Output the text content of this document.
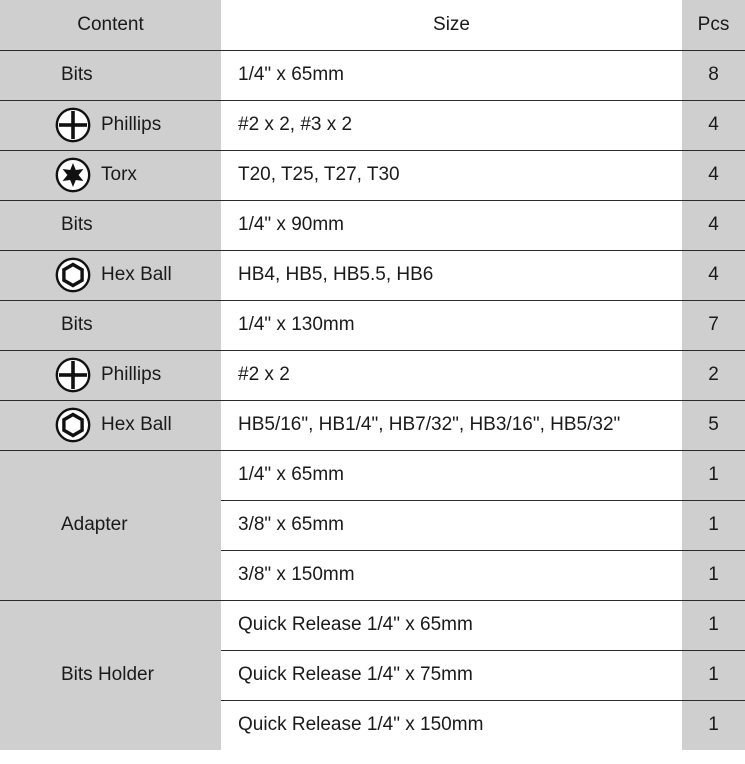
Content	Size	Pcs

Bits	1/4" x 65mm	8

Phillips	#2 x 2, #3 x 2	4

Torx	T20, T25, T27, T30	4

Bits	1/4" x 90mm	4

Hex Ball	HB4, HB5, HB5.5, HB6	4

Bits	1/4" x 130mm	7

Phillips	#2 x 2	2

Hex Ball	HB5/16", HB1/4", HB7/32", HB3/16", HB5/32"	5

Adapter	1/4" x 65mm	1
	3/8" x 65mm	1
	3/8" x 150mm	1

Bits Holder	Quick Release 1/4" x 65mm	1
	Quick Release 1/4" x 75mm	1
	Quick Release 1/4" x 150mm	1
